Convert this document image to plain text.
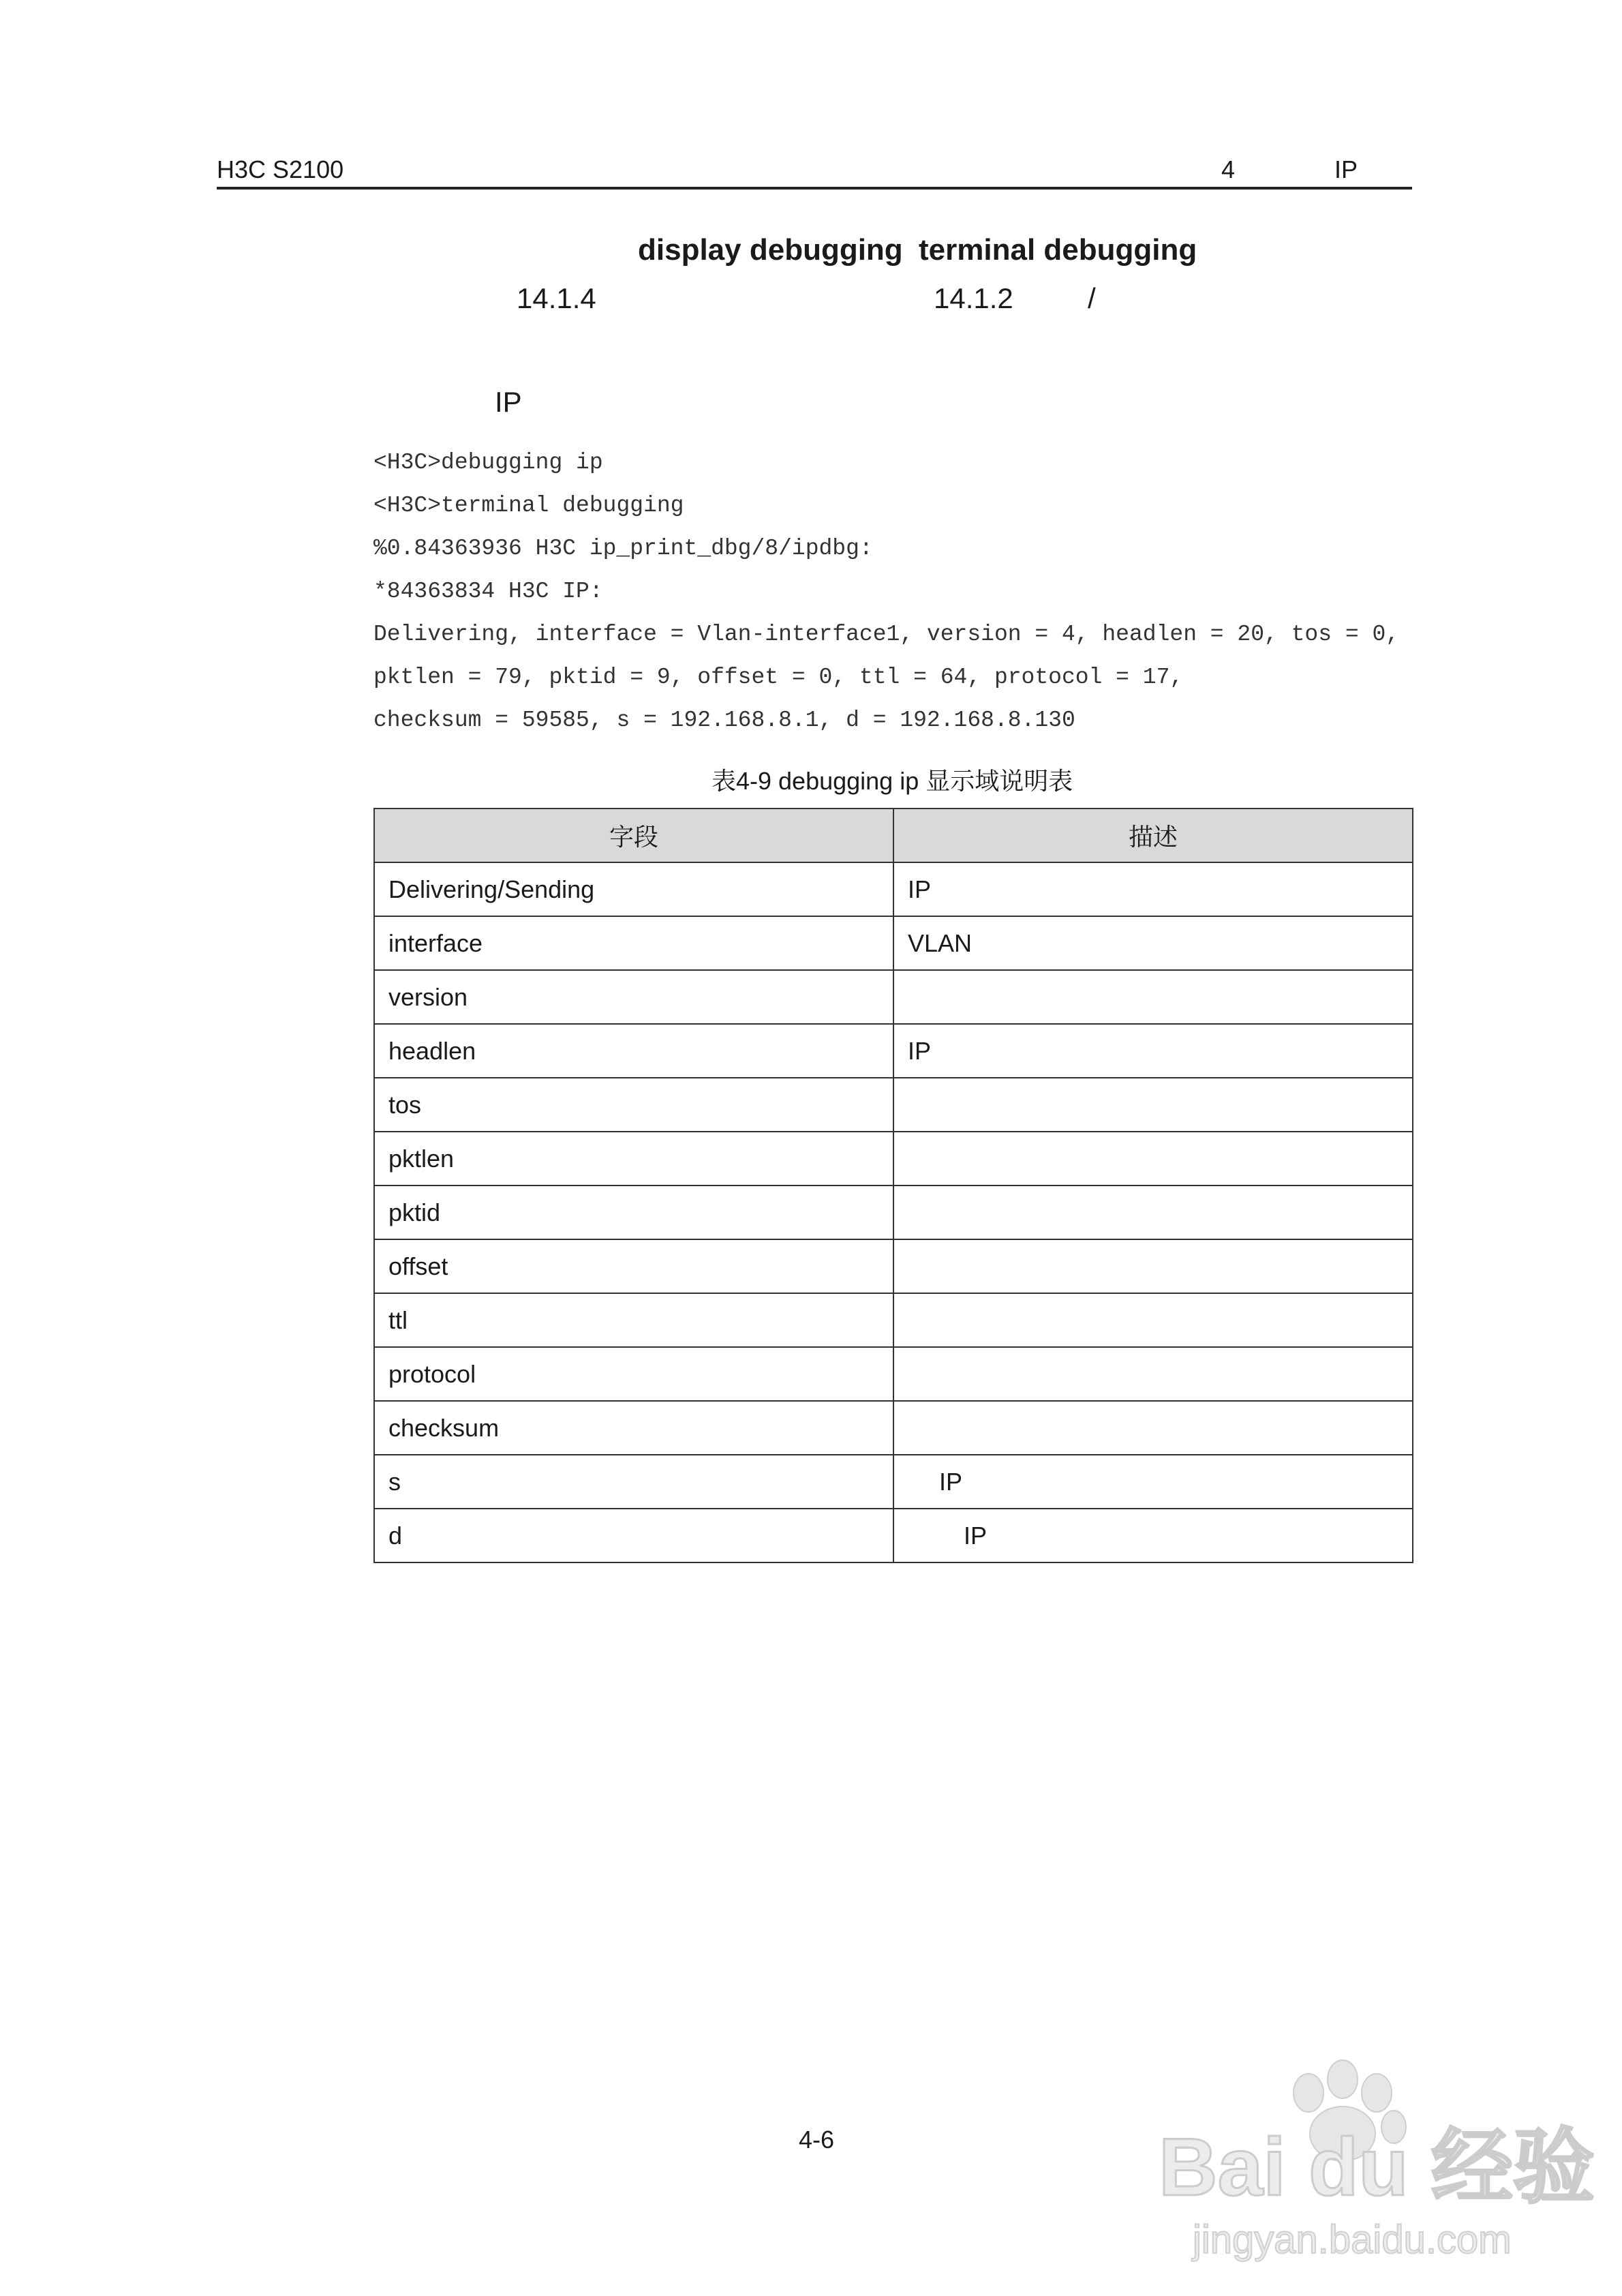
H3C S2100	4	IP
display debugging terminal debugging
14.1.4	14.1.2	/
IP
<H3C>debugging ip
<H3C>terminal debugging
%0.84363936 H3C ip_print_dbg/8/ipdbg:
*84363834 H3C IP:
Delivering, interface = Vlan-interface1, version = 4, headlen = 20, tos = 0,
pktlen = 79, pktid = 9, offset = 0, ttl = 64, protocol = 17,
checksum = 59585, s = 192.168.8.1, d = 192.168.8.130
表4-9 debugging ip 显示域说明表
字段	描述
Delivering/Sending	IP
interface	VLAN
version	
headlen	IP
tos	
pktlen	
pktid	
offset	
ttl	
protocol	
checksum	
s	IP
d	IP
4-6	Bai du 经验
jingyan.baidu.com
